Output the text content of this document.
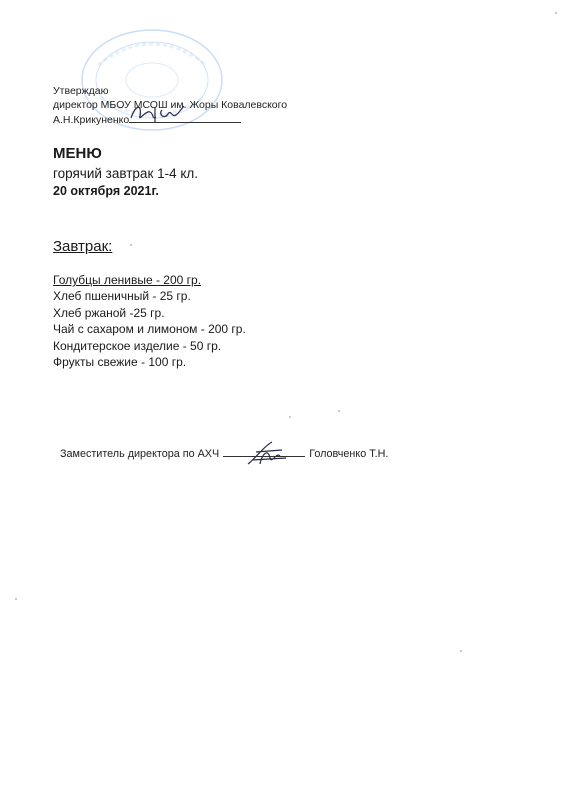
Утверждаю
директор МБОУ МСОШ им. Жоры Ковалевского
А.Н.Крикуненко
МЕНЮ
горячий завтрак 1-4 кл.
20 октября 2021г.
Завтрак:
Голубцы ленивые - 200 гр.
Хлеб пшеничный - 25 гр.
Хлеб ржаной -25 гр.
Чай с сахаром и лимоном - 200 гр.
Кондитерское изделие - 50 гр.
Фрукты свежие - 100 гр.
Заместитель директора по АХЧ	Головченко Т.Н.
